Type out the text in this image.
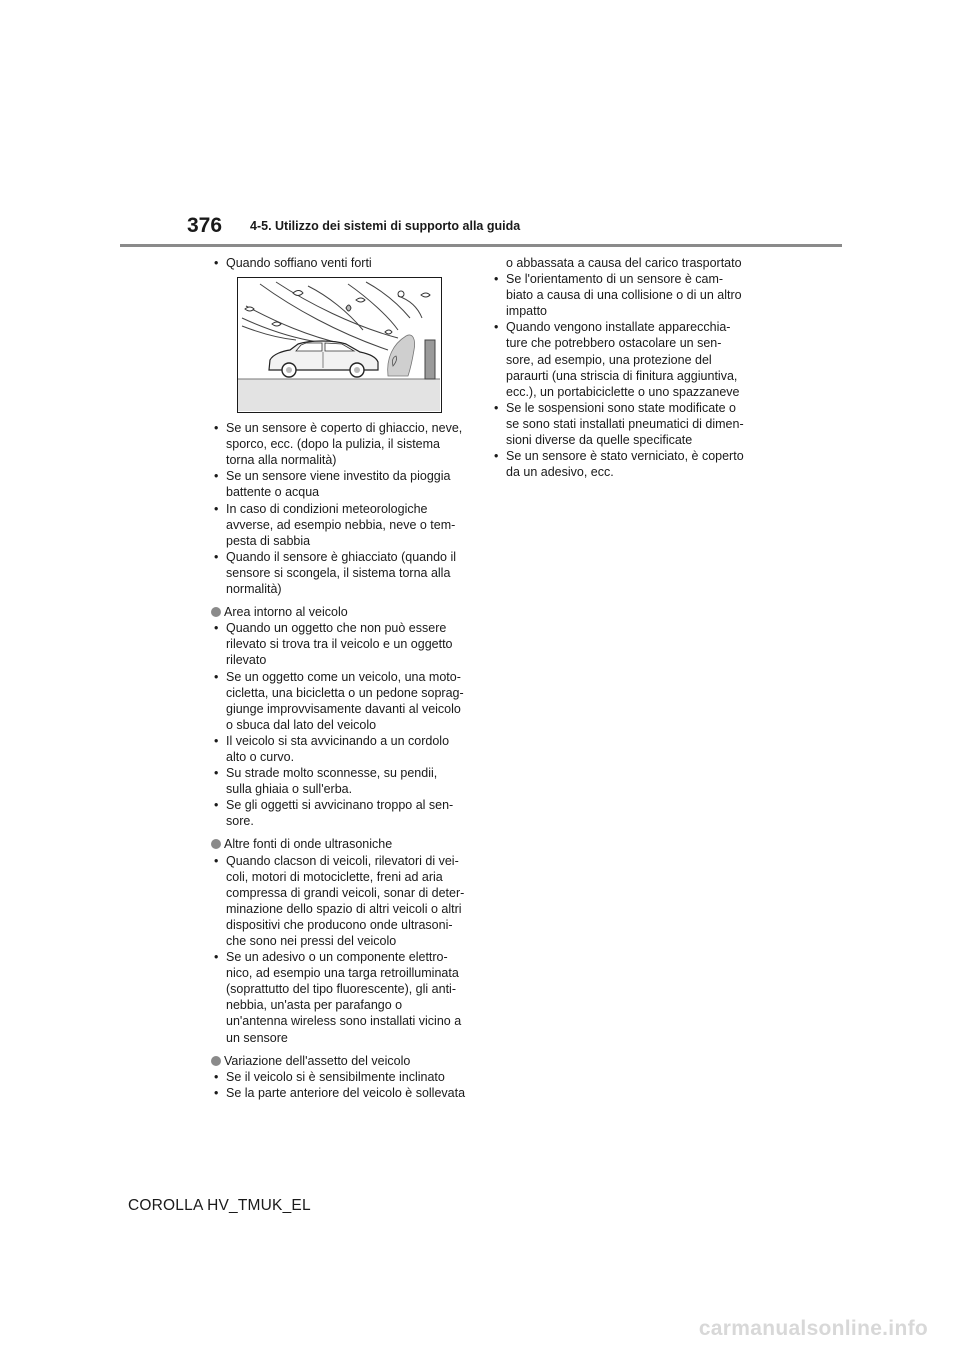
376 4-5. Utilizzo dei sistemi di supporto alla guida
• Quando soffiano venti forti
• Se un sensore è coperto di ghiaccio, neve,
sporco, ecc. (dopo la pulizia, il sistema
torna alla normalità)
• Se un sensore viene investito da pioggia
battente o acqua
• In caso di condizioni meteorologiche
avverse, ad esempio nebbia, neve o tem-
pesta di sabbia
• Quando il sensore è ghiacciato (quando il
sensore si scongela, il sistema torna alla
normalità)
Area intorno al veicolo
• Quando un oggetto che non può essere
rilevato si trova tra il veicolo e un oggetto
rilevato
• Se un oggetto come un veicolo, una moto-
cicletta, una bicicletta o un pedone soprag-
giunge improvvisamente davanti al veicolo
o sbuca dal lato del veicolo
• Il veicolo si sta avvicinando a un cordolo
alto o curvo.
• Su strade molto sconnesse, su pendii,
sulla ghiaia o sull'erba.
• Se gli oggetti si avvicinano troppo al sen-
sore.
Altre fonti di onde ultrasoniche
• Quando clacson di veicoli, rilevatori di vei-
coli, motori di motociclette, freni ad aria
compressa di grandi veicoli, sonar di deter-
minazione dello spazio di altri veicoli o altri
dispositivi che producono onde ultrasoni-
che sono nei pressi del veicolo
• Se un adesivo o un componente elettro-
nico, ad esempio una targa retroilluminata
(soprattutto del tipo fluorescente), gli anti-
nebbia, un'asta per parafango o
un'antenna wireless sono installati vicino a
un sensore
Variazione dell'assetto del veicolo
• Se il veicolo si è sensibilmente inclinato
• Se la parte anteriore del veicolo è sollevata
o abbassata a causa del carico trasportato
• Se l'orientamento di un sensore è cam-
biato a causa di una collisione o di un altro
impatto
• Quando vengono installate apparecchia-
ture che potrebbero ostacolare un sen-
sore, ad esempio, una protezione del
paraurti (una striscia di finitura aggiuntiva,
ecc.), un portabiciclette o uno spazzaneve
• Se le sospensioni sono state modificate o
se sono stati installati pneumatici di dimen-
sioni diverse da quelle specificate
• Se un sensore è stato verniciato, è coperto
da un adesivo, ecc.
COROLLA HV_TMUK_EL
carmanualsonline.info
